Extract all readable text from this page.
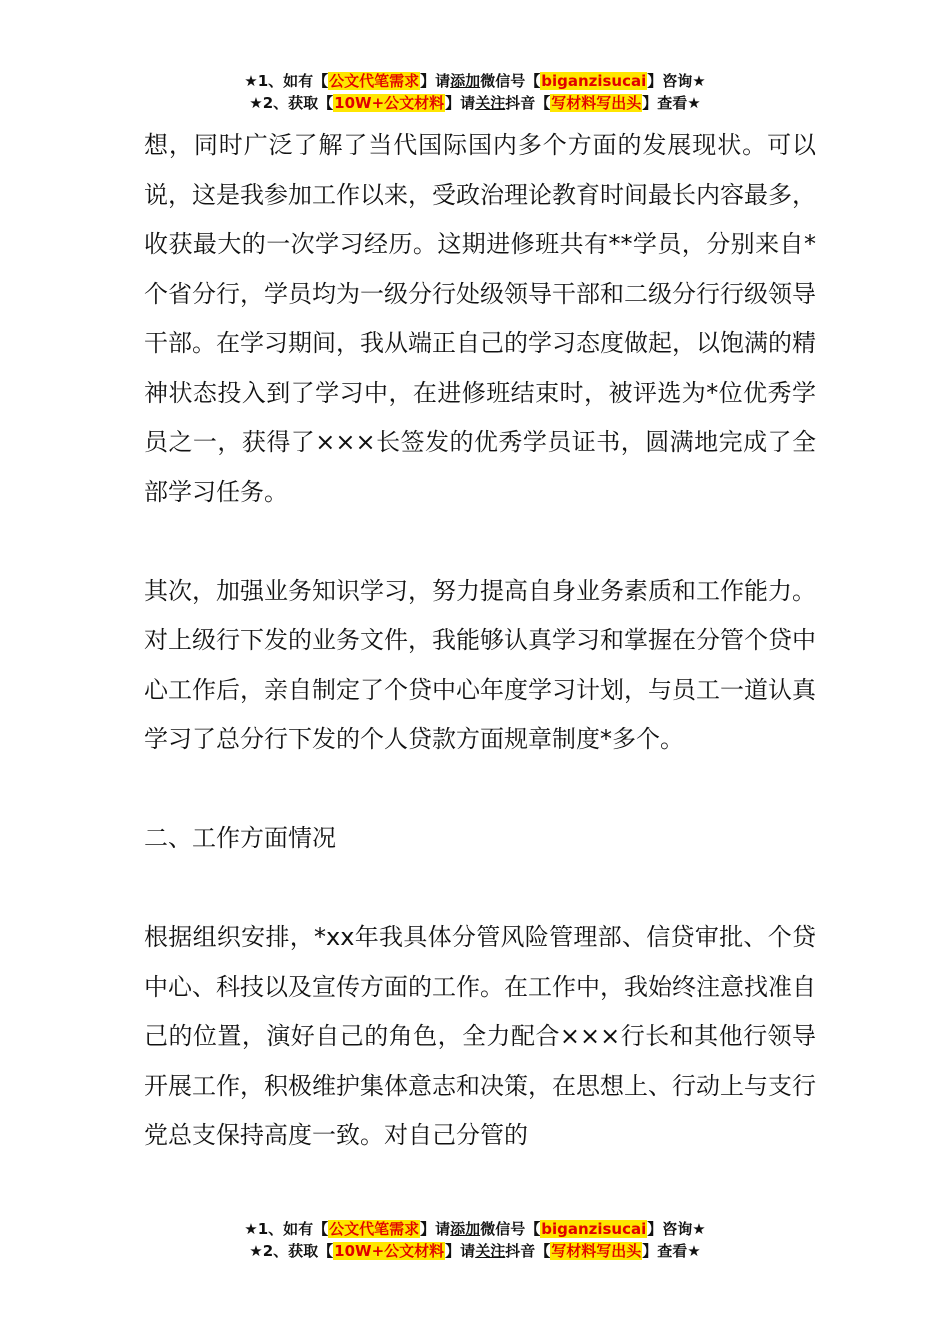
★1、如有【公文代笔需求】请添加微信号【biganzisucai】咨询★
★2、获取【10W+公文材料】请关注抖音【写材料写出头】查看★

想，同时广泛了解了当代国际国内多个方面的发展现状。可以说，这是我参加工作以来，受政治理论教育时间最长内容最多，收获最大的一次学习经历。这期进修班共有**学员，分别来自*个省分行，学员均为一级分行处级领导干部和二级分行行级领导干部。在学习期间，我从端正自己的学习态度做起，以饱满的精神状态投入到了学习中，在进修班结束时，被评选为*位优秀学员之一，获得了×××长签发的优秀学员证书，圆满地完成了全部学习任务。

其次，加强业务知识学习，努力提高自身业务素质和工作能力。对上级行下发的业务文件，我能够认真学习和掌握在分管个贷中心工作后，亲自制定了个贷中心年度学习计划，与员工一道认真学习了总分行下发的个人贷款方面规章制度*多个。

二、工作方面情况

根据组织安排，*xx年我具体分管风险管理部、信贷审批、个贷中心、科技以及宣传方面的工作。在工作中，我始终注意找准自己的位置，演好自己的角色，全力配合×××行长和其他行领导开展工作，积极维护集体意志和决策，在思想上、行动上与支行党总支保持高度一致。对自己分管的

★1、如有【公文代笔需求】请添加微信号【biganzisucai】咨询★
★2、获取【10W+公文材料】请关注抖音【写材料写出头】查看★
